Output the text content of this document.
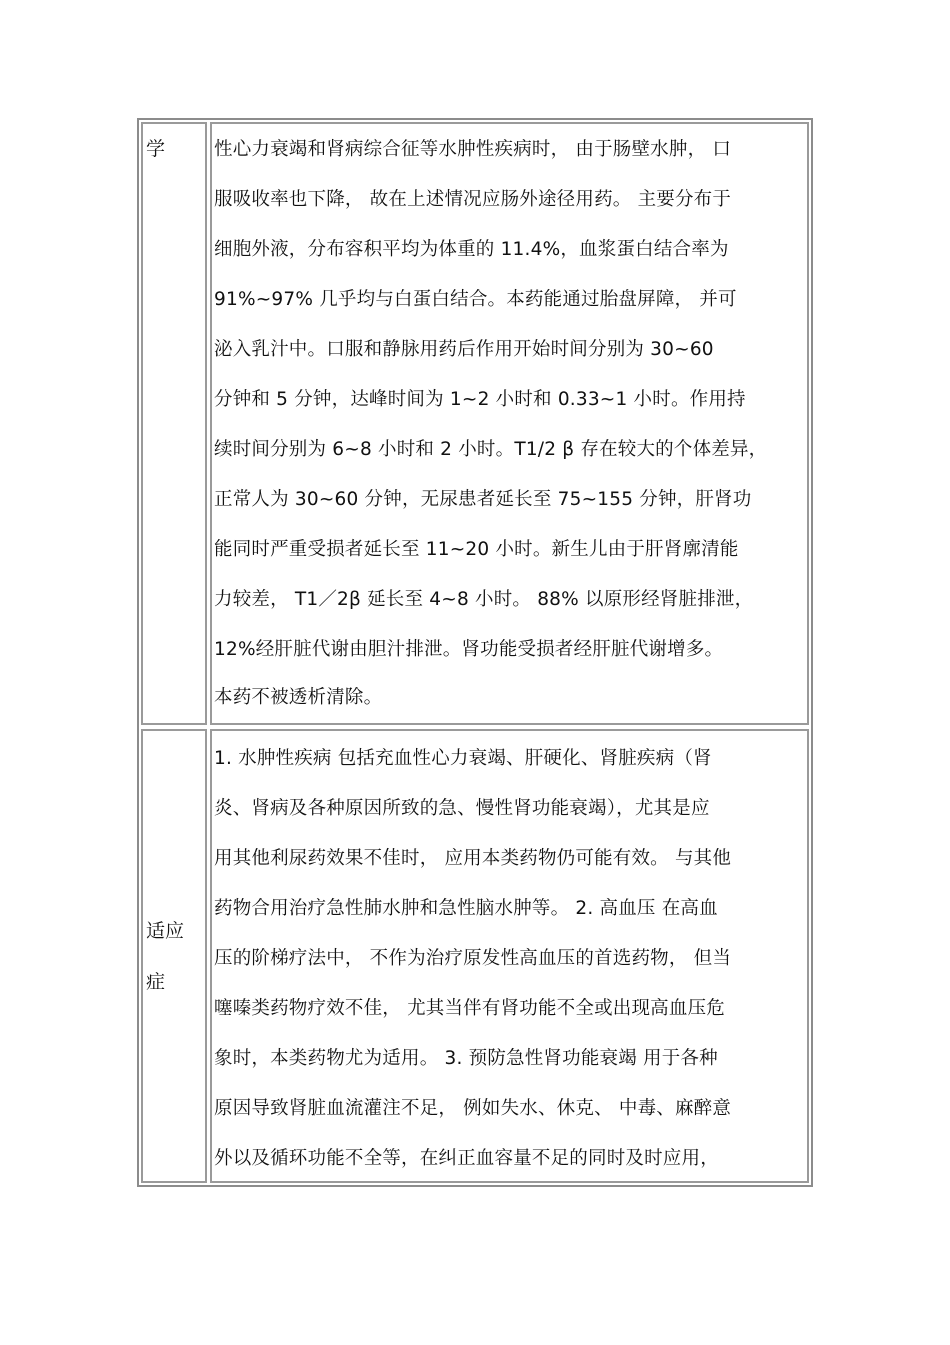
学	性心力衰竭和肾病综合征等水肿性疾病时， 由于肠壁水肿， 口
服吸收率也下降， 故在上述情况应肠外途径用药。 主要分布于
细胞外液，分布容积平均为体重的 11.4%，血浆蛋白结合率为
91%~97% 几乎均与白蛋白结合。本药能通过胎盘屏障， 并可
泌入乳汁中。口服和静脉用药后作用开始时间分别为 30~60
分钟和 5 分钟，达峰时间为 1~2 小时和 0.33~1 小时。作用持
续时间分别为 6~8 小时和 2 小时。T1/2 β 存在较大的个体差异，
正常人为 30~60 分钟，无尿患者延长至 75~155 分钟，肝肾功
能同时严重受损者延长至 11~20 小时。新生儿由于肝肾廓清能
力较差， T1／2β 延长至 4~8 小时。 88% 以原形经肾脏排泄，
12%经肝脏代谢由胆汁排泄。肾功能受损者经肝脏代谢增多。
本药不被透析清除。
适应
症
1. 水肿性疾病 包括充血性心力衰竭、肝硬化、肾脏疾病（肾
炎、肾病及各种原因所致的急、慢性肾功能衰竭），尤其是应
用其他利尿药效果不佳时， 应用本类药物仍可能有效。 与其他
药物合用治疗急性肺水肿和急性脑水肿等。 2. 高血压 在高血
压的阶梯疗法中， 不作为治疗原发性高血压的首选药物， 但当
噻嗪类药物疗效不佳， 尤其当伴有肾功能不全或出现高血压危
象时，本类药物尤为适用。 3. 预防急性肾功能衰竭 用于各种
原因导致肾脏血流灌注不足， 例如失水、休克、 中毒、麻醉意
外以及循环功能不全等，在纠正血容量不足的同时及时应用，
